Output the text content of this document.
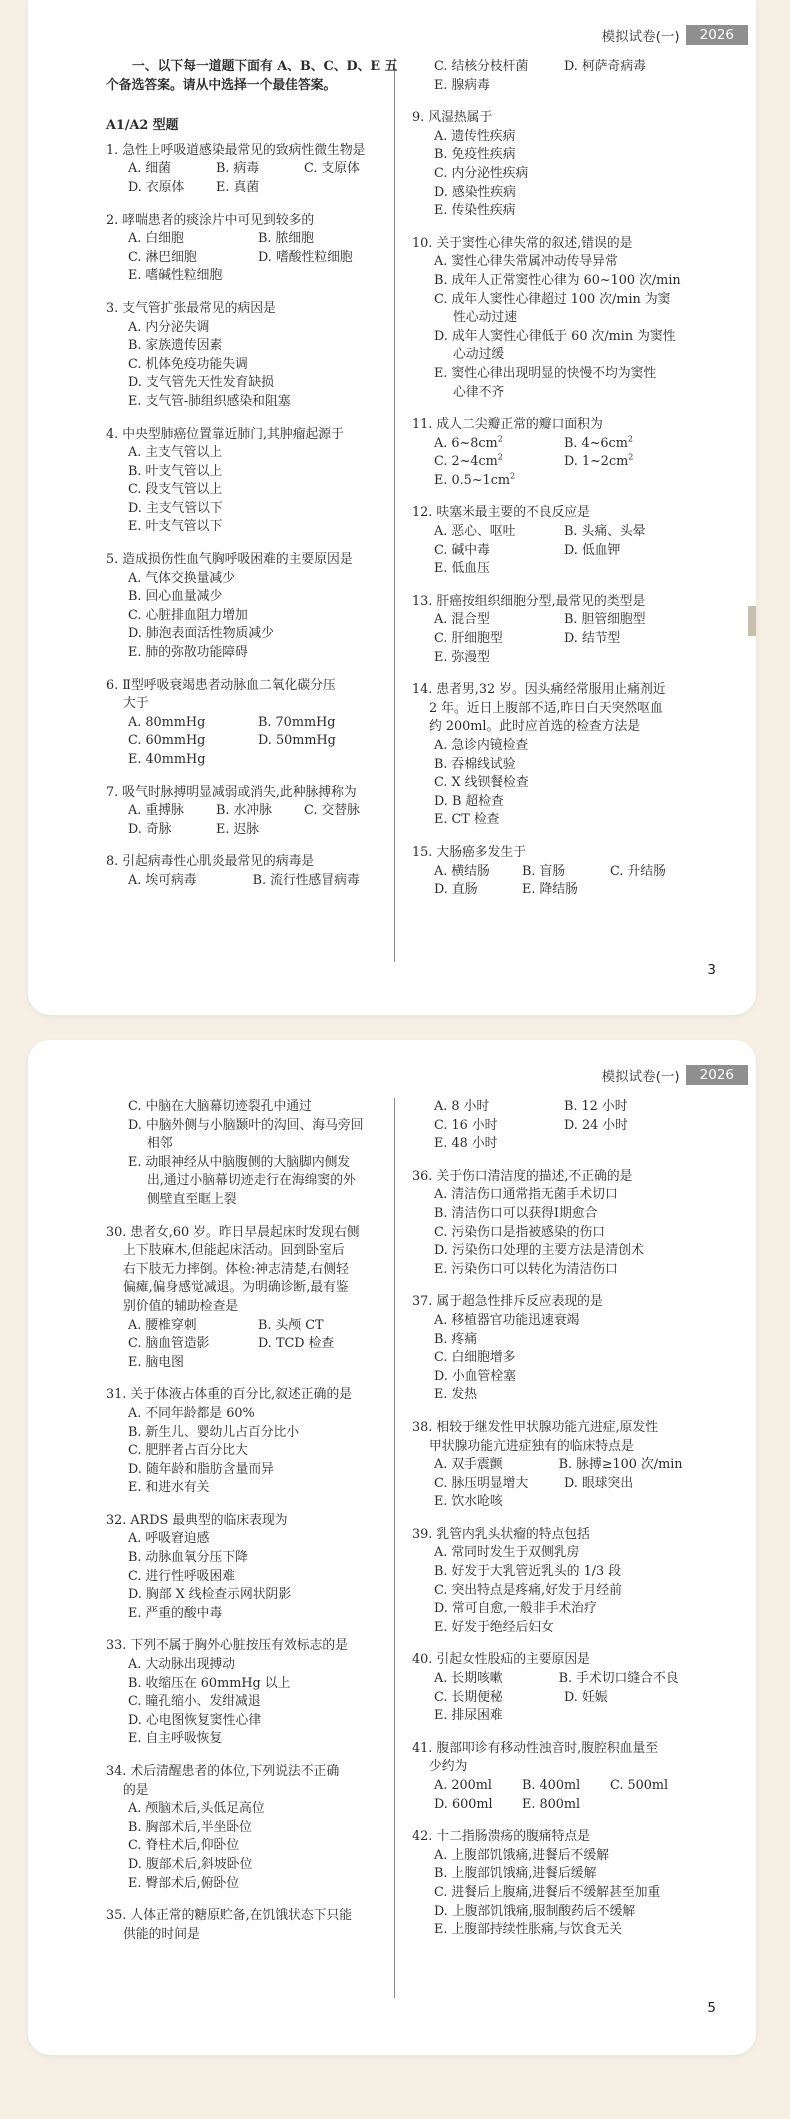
模拟试卷(一)	2026
一、以下每一道题下面有 A、B、C、D、E 五个备选答案。请从中选择一个最佳答案。
A1/A2 型题
1. 急性上呼吸道感染最常见的致病性微生物是
A. 细菌	B. 病毒	C. 支原体
D. 衣原体	E. 真菌
2. 哮喘患者的痰涂片中可见到较多的
A. 白细胞	B. 脓细胞
C. 淋巴细胞	D. 嗜酸性粒细胞
E. 嗜碱性粒细胞
3. 支气管扩张最常见的病因是
A. 内分泌失调
B. 家族遗传因素
C. 机体免疫功能失调
D. 支气管先天性发育缺损
E. 支气管-肺组织感染和阻塞
4. 中央型肺癌位置靠近肺门,其肿瘤起源于
A. 主支气管以上
B. 叶支气管以上
C. 段支气管以上
D. 主支气管以下
E. 叶支气管以下
5. 造成损伤性血气胸呼吸困难的主要原因是
A. 气体交换量减少
B. 回心血量减少
C. 心脏排血阻力增加
D. 肺泡表面活性物质减少
E. 肺的弥散功能障碍
6. Ⅱ型呼吸衰竭患者动脉血二氧化碳分压
大于
A. 80mmHg	B. 70mmHg
C. 60mmHg	D. 50mmHg
E. 40mmHg
7. 吸气时脉搏明显减弱或消失,此种脉搏称为
A. 重搏脉	B. 水冲脉	C. 交替脉
D. 奇脉	E. 迟脉
8. 引起病毒性心肌炎最常见的病毒是
A. 埃可病毒	B. 流行性感冒病毒
C. 结核分枝杆菌	D. 柯萨奇病毒
E. 腺病毒
9. 风湿热属于
A. 遗传性疾病
B. 免疫性疾病
C. 内分泌性疾病
D. 感染性疾病
E. 传染性疾病
10. 关于窦性心律失常的叙述,错误的是
A. 窦性心律失常属冲动传导异常
B. 成年人正常窦性心律为 60~100 次/min
C. 成年人窦性心律超过 100 次/min 为窦
性心动过速
D. 成年人窦性心律低于 60 次/min 为窦性
心动过缓
E. 窦性心律出现明显的快慢不均为窦性
心律不齐
11. 成人二尖瓣正常的瓣口面积为
A. $6\sim 8cm^2$	B. $4\sim 6cm^2$
C. $2\sim 4cm^2$	D. $1\sim 2cm^2$
E. $0.5\sim 1cm^2$
12. 呋塞米最主要的不良反应是
A. 恶心、呕吐	B. 头痛、头晕
C. 碱中毒	D. 低血钾
E. 低血压
13. 肝癌按组织细胞分型,最常见的类型是
A. 混合型	B. 胆管细胞型
C. 肝细胞型	D. 结节型
E. 弥漫型
14. 患者男,32 岁。因头痛经常服用止痛剂近
2 年。近日上腹部不适,昨日白天突然呕血
约 200ml。此时应首选的检查方法是
A. 急诊内镜检查
B. 吞棉线试验
C. X 线钡餐检查
D. B 超检查
E. CT 检查
15. 大肠癌多发生于
A. 横结肠	B. 盲肠	C. 升结肠
D. 直肠	E. 降结肠
3
模拟试卷(一)	2026
C. 中脑在大脑幕切迹裂孔中通过
D. 中脑外侧与小脑颞叶的沟回、海马旁回
相邻
E. 动眼神经从中脑腹侧的大脑脚内侧发
出,通过小脑幕切迹走行在海绵窦的外
侧壁直至眶上裂
30. 患者女,60 岁。昨日早晨起床时发现右侧
上下肢麻木,但能起床活动。回到卧室后
右下肢无力摔倒。体检:神志清楚,右侧轻
偏瘫,偏身感觉减退。为明确诊断,最有鉴
别价值的辅助检查是
A. 腰椎穿刺	B. 头颅 CT
C. 脑血管造影	D. TCD 检查
E. 脑电图
31. 关于体液占体重的百分比,叙述正确的是
A. 不同年龄都是 60%
B. 新生儿、婴幼儿占百分比小
C. 肥胖者占百分比大
D. 随年龄和脂肪含量而异
E. 和进水有关
32. ARDS 最典型的临床表现为
A. 呼吸窘迫感
B. 动脉血氧分压下降
C. 进行性呼吸困难
D. 胸部 X 线检查示网状阴影
E. 严重的酸中毒
33. 下列不属于胸外心脏按压有效标志的是
A. 大动脉出现搏动
B. 收缩压在 60mmHg 以上
C. 瞳孔缩小、发绀减退
D. 心电图恢复窦性心律
E. 自主呼吸恢复
34. 术后清醒患者的体位,下列说法不正确
的是
A. 颅脑术后,头低足高位
B. 胸部术后,半坐卧位
C. 脊柱术后,仰卧位
D. 腹部术后,斜坡卧位
E. 臀部术后,俯卧位
35. 人体正常的糖原贮备,在饥饿状态下只能
供能的时间是
A. 8 小时	B. 12 小时
C. 16 小时	D. 24 小时
E. 48 小时
36. 关于伤口清洁度的描述,不正确的是
A. 清洁伤口通常指无菌手术切口
B. 清洁伤口可以获得Ⅰ期愈合
C. 污染伤口是指被感染的伤口
D. 污染伤口处理的主要方法是清创术
E. 污染伤口可以转化为清洁伤口
37. 属于超急性排斥反应表现的是
A. 移植器官功能迅速衰竭
B. 疼痛
C. 白细胞增多
D. 小血管栓塞
E. 发热
38. 相较于继发性甲状腺功能亢进症,原发性
甲状腺功能亢进症独有的临床特点是
A. 双手震颤	B. 脉搏≥100 次/min
C. 脉压明显增大	D. 眼球突出
E. 饮水呛咳
39. 乳管内乳头状瘤的特点包括
A. 常同时发生于双侧乳房
B. 好发于大乳管近乳头的 1/3 段
C. 突出特点是疼痛,好发于月经前
D. 常可自愈,一般非手术治疗
E. 好发于绝经后妇女
40. 引起女性股疝的主要原因是
A. 长期咳嗽	B. 手术切口缝合不良
C. 长期便秘	D. 妊娠
E. 排尿困难
41. 腹部叩诊有移动性浊音时,腹腔积血量至
少约为
A. 200ml	B. 400ml	C. 500ml
D. 600ml	E. 800ml
42. 十二指肠溃疡的腹痛特点是
A. 上腹部饥饿痛,进餐后不缓解
B. 上腹部饥饿痛,进餐后缓解
C. 进餐后上腹痛,进餐后不缓解甚至加重
D. 上腹部饥饿痛,服制酸药后不缓解
E. 上腹部持续性胀痛,与饮食无关
5
